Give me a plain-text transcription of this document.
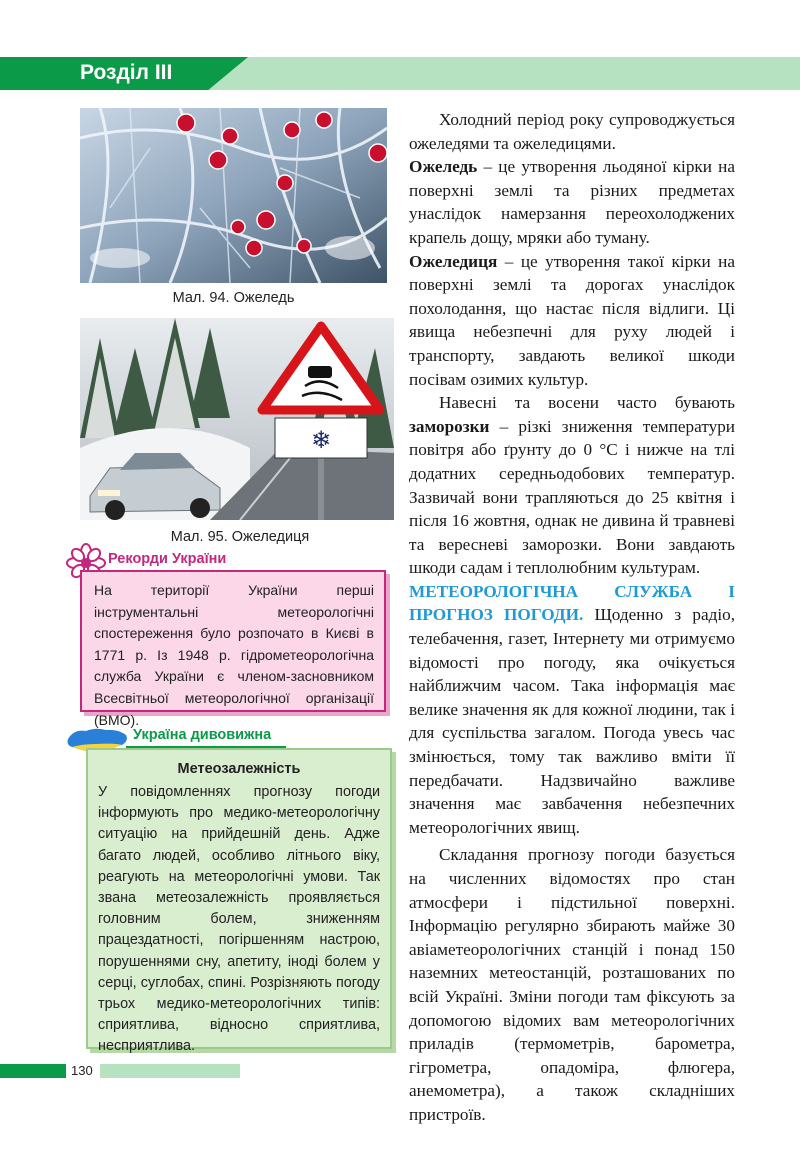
Розділ ІІІ
Мал. 94. Ожеледь
❄
Мал. 95. Ожеледиця
Рекорди України
На території України перші інструментальні метеорологічні спостереження було розпочато в Києві в 1771 р. Із 1948 р. гідрометеорологічна служба України є членом-засновником Всесвітньої метеорологічної організації (ВМО).
Україна дивовижна
Метеозалежність
У повідомленнях прогнозу погоди інформують про медико-метеорологічну ситуацію на прийдешній день. Адже багато людей, особливо літнього віку, реагують на метеорологічні умови. Так звана метеозалежність проявляється головним болем, зниженням працездатності, погіршенням настрою, порушеннями сну, апетиту, іноді болем у серці, суглобах, спині. Розрізняють погоду трьох медико-метеорологічних типів: сприятлива, відносно сприятлива, несприятлива.

Холодний період року супроводжується ожеледями та ожеледицями.

Ожеледь – це утворення льодяної кірки на поверхні землі та різних предметах унаслідок намерзання переохолоджених крапель дощу, мряки або туману.

Ожеледиця – це утворення такої кірки на поверхні землі та дорогах унаслідок похолодання, що настає після відлиги. Ці явища небезпечні для руху людей і транспорту, завдають великої шкоди посівам озимих культур.

Навесні та восени часто бувають заморозки – різкі зниження температури повітря або ґрунту до 0 °С і нижче на тлі додатних середньодобових температур. Зазвичай вони трапляються до 25 квітня і після 16 жовтня, однак не дивина й травневі та вересневі заморозки. Вони завдають шкоди садам і теплолюбним культурам.

МЕТЕОРОЛОГІЧНА СЛУЖБА І ПРОГНОЗ ПОГОДИ. Щоденно з радіо, телебачення, газет, Інтернету ми отримуємо відомості про погоду, яка очікується найближчим часом. Така інформація має велике значення як для кожної людини, так і для суспільства загалом. Погода увесь час змінюється, тому так важливо вміти її передбачати. Надзвичайно важливе значення має завбачення небезпечних метеорологічних явищ.

Складання прогнозу погоди базується на численних відомостях про стан атмосфери і підстильної поверхні. Інформацію регулярно збирають майже 30 авіаметеорологічних станцій і понад 150 наземних метеостанцій, розташованих по всій Україні. Зміни погоди там фіксують за допомогою відомих вам метеорологічних приладів (термометрів, барометра, гігрометра, опадоміра, флюгера, анемометра), а також складніших пристроїв.

130
